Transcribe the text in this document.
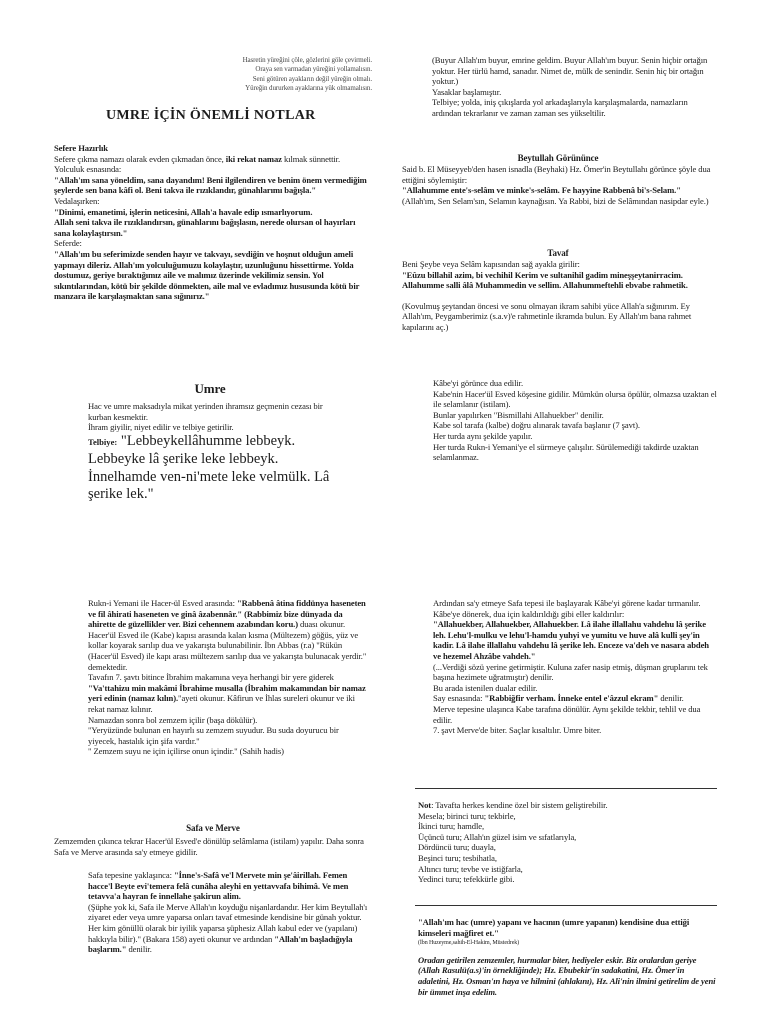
Hasretin yüreğini çöle, gözlerini göle çevirmeli.

Oraya sen varmadan yüreğini yollamalısın.

Seni götüren ayakların değil yüreğin olmalı.

Yüreğin dururken ayaklarına yük olmamalısın.

UMRE İÇİN ÖNEMLİ NOTLAR

Sefere Hazırlık

Sefere çıkma namazı olarak evden çıkmadan önce, iki rekat namaz kılmak sünnettir.

Yolculuk esnasında:

"Allah'ım sana yöneldim, sana dayandım! Beni ilgilendiren ve benim önem vermediğim şeylerde sen bana kâfi ol. Beni takva ile rızıklandır, günahlarımı bağışla."

Vedalaşırken:

"Dinimi, emanetimi, işlerin neticesini, Allah'a havale edip ısmarlıyorum.

Allah seni takva ile rızıklandırsın, günahlarını bağışlasın, nerede olursan ol hayırları sana kolaylaştırsın."

Seferde:

"Allah'ım bu seferimizde senden hayır ve takvayı, sevdiğin ve hoşnut olduğun ameli yapmayı dileriz. Allah'ım yolculuğumuzu kolaylaştır, uzunluğunu hissettirme. Yolda dostumuz, geriye bıraktığımız aile ve malımız üzerinde vekilimiz sensin. Yol sıkıntılarından, kötü bir şekilde dönmekten, aile mal ve evladımız hususunda kötü bir manzara ile karşılaşmaktan sana sığınırız."

Umre

Hac ve umre maksadıyla mikat yerinden ihramsız geçmenin cezası bir kurban kesmektir.

İhram giyilir, niyet edilir ve telbiye getirilir.

Telbiye: "Lebbeykellâhumme lebbeyk. Lebbeyke lâ şerike leke lebbeyk. İnnelhamde ven-ni'mete leke velmülk. Lâ şerike lek."

(Buyur Allah'ım buyur, emrine geldim. Buyur Allah'ım buyur. Senin hiçbir ortağın yoktur. Her türlü hamd, sanadır. Nimet de, mülk de senindir. Senin hiç bir ortağın yoktur.)

Yasaklar başlamıştır.

Telbiye; yolda, iniş çıkışlarda yol arkadaşlarıyla karşılaşmalarda, namazların ardından tekrarlanır ve zaman zaman ses yükseltilir.

Beytullah Görününce

Said b. El Müseyyeb'den hasen isnadla (Beyhaki) Hz. Ömer'in Beytullahı görünce şöyle dua ettiğini söylemiştir:

"Allahumme ente's-selâm ve minke's-selâm. Fe hayyine Rabbenâ bi's-Selam."

(Allah'ım, Sen Selam'sın, Selamın kaynağısın. Ya Rabbi, bizi de Selâmından nasipdar eyle.)

Tavaf

Beni Şeybe veya Selâm kapısından sağ ayakla girilir:

"Eûzu billahil azim, bi vechihil Kerim ve sultanihil gadim mineşşeytanirracim.

Allahumme salli âlâ Muhammedin ve sellim. Allahummeftehli ebvabe rahmetik.

(Kovulmuş şeytandan öncesi ve sonu olmayan ikram sahibi yüce Allah'a sığınırım. Ey Allah'ım, Peygamberimiz (s.a.v)'e rahmetinle ikramda bulun. Ey Allah'ım bana rahmet kapılarını aç.)

Kâbe'yi görünce dua edilir.

Kabe'nin Hacer'ül Esved köşesine gidilir. Mümkün olursa öpülür, olmazsa uzaktan el ile selamlanır (istilam).

Bunlar yapılırken "Bismillahi Allahuekber" denilir.

Kabe sol tarafa (kalbe) doğru alınarak tavafa başlanır (7 şavt).

Her turda aynı şekilde yapılır.

Her turda Rukn-i Yemani'ye el sürmeye çalışılır. Sürülemediği takdirde uzaktan selamlanmaz.

Rukn-i Yemani ile Hacer-ül Esved arasında: "Rabbenâ âtina fiddünya haseneten ve fil âhirati haseneten ve ginâ âzabennâr." (Rabbimiz bize dünyada da ahirette de güzellikler ver. Bizi cehennem azabından koru.) duası okunur.

Hacer'ül Esved ile (Kabe) kapısı arasında kalan kısma (Mültezem) göğüs, yüz ve kollar koyarak sarılıp dua ve yakarışta bulunabilinir. İbn Abbas (r.a) "Rükün (Hacer'ül Esved) ile kapı arası mültezem sarılıp dua ve yakarışta bulunacak yerdir." demektedir.

Tavafın 7. şavtı bitince İbrahim makamına veya herhangi bir yere giderek "Va'ttahizu min makâmi İbrahime musalla (İbrahim makamından bir namaz yeri edinin (namaz kılın)."ayeti okunur. Kâfirun ve İhlas sureleri okunur ve iki rekat namaz kılınır.

Namazdan sonra bol zemzem içilir (başa dökülür).

"Yeryüzünde bulunan en hayırlı su zemzem suyudur. Bu suda doyurucu bir yiyecek, hastalık için şifa vardır."

" Zemzem suyu ne için içilirse onun içindir." (Sahih hadis)

Safa ve Merve

Zemzemden çıkınca tekrar Hacer'ül Esved'e dönülüp selâmlama (istilam) yapılır. Daha sonra Safa ve Merve arasında sa'y etmeye gidilir.

Safa tepesine yaklaşınca: "İnne's-Safâ ve'l Mervete min şe'âirillah. Femen hacce'l Beyte evi'temera felâ cunâha aleyhi en yettavvafa bihimâ. Ve men tetavva'a hayran fe innellahe şakirun alim.

(Şüphe yok ki, Safa ile Merve Allah'ın koyduğu nişanlardandır. Her kim Beytullah'ı ziyaret eder veya umre yaparsa onları tavaf etmesinde kendisine bir günah yoktur. Her kim gönüllü olarak bir iyilik yaparsa şüphesiz Allah kabul eder ve (yapılanı) hakkıyla bilir)." (Bakara 158) ayeti okunur ve ardından "Allah'ın başladığıyla başlarım." denilir.

Ardından sa'y etmeye Safa tepesi ile başlayarak Kâbe'yi görene kadar tırmanılır. Kâbe'ye dönerek, dua için kaldırıldığı gibi eller kaldırılır:

"Allahuekber, Allahuekber, Allahuekber. Lâ ilahe illallahu vahdehu lâ şerike leh. Lehu'l-mulku ve lehu'l-hamdu yuhyi ve yumitu ve huve alâ kulli şey'in kadir. Lâ ilahe illallahu vahdehu lâ şerike leh. Enceze va'deh ve nasara abdeh ve hezemel Ahzâbe vahdeh."

(...Verdiği sözü yerine getirmiştir. Kuluna zafer nasip etmiş, düşman gruplarını tek başına hezimete uğratmıştır) denilir.

Bu arada istenilen dualar edilir.

Say esnasında: "Rabbiğfir verham. İnneke entel e'âzzul ekram" denilir.

Merve tepesine ulaşınca Kabe tarafına dönülür. Aynı şekilde tekbir, tehlil ve dua edilir.

7. şavt Merve'de biter. Saçlar kısaltılır. Umre biter.

Not: Tavafta herkes kendine özel bir sistem geliştirebilir.

Mesela; birinci turu; tekbirle,

İkinci turu; hamdle,

Üçüncü turu; Allah'ın güzel isim ve sıfatlarıyla,

Dördüncü turu; duayla,

Beşinci turu; tesbihatla,

Altıncı turu; tevbe ve istiğfarla,

Yedinci turu; tefekkürle gibi.

"Allah'ım hac (umre) yapanı ve hacının (umre yapanın) kendisine dua ettiği kimseleri mağfiret et."

(İbn Huzeyme,sahih-El-Hakim, Müstedrek)

Oradan getirilen zemzemler, hurmalar biter, hediyeler eskir. Biz oralardan geriye (Allah Rasulü(a.s)'in örnekliğinde); Hz. Ebubekir'in sadakatini, Hz. Ömer'in adaletini, Hz. Osman'ın haya ve hilmini (ahlakını), Hz. Ali'nin ilmini getirelim de yeni bir ümmet inşa edelim.
